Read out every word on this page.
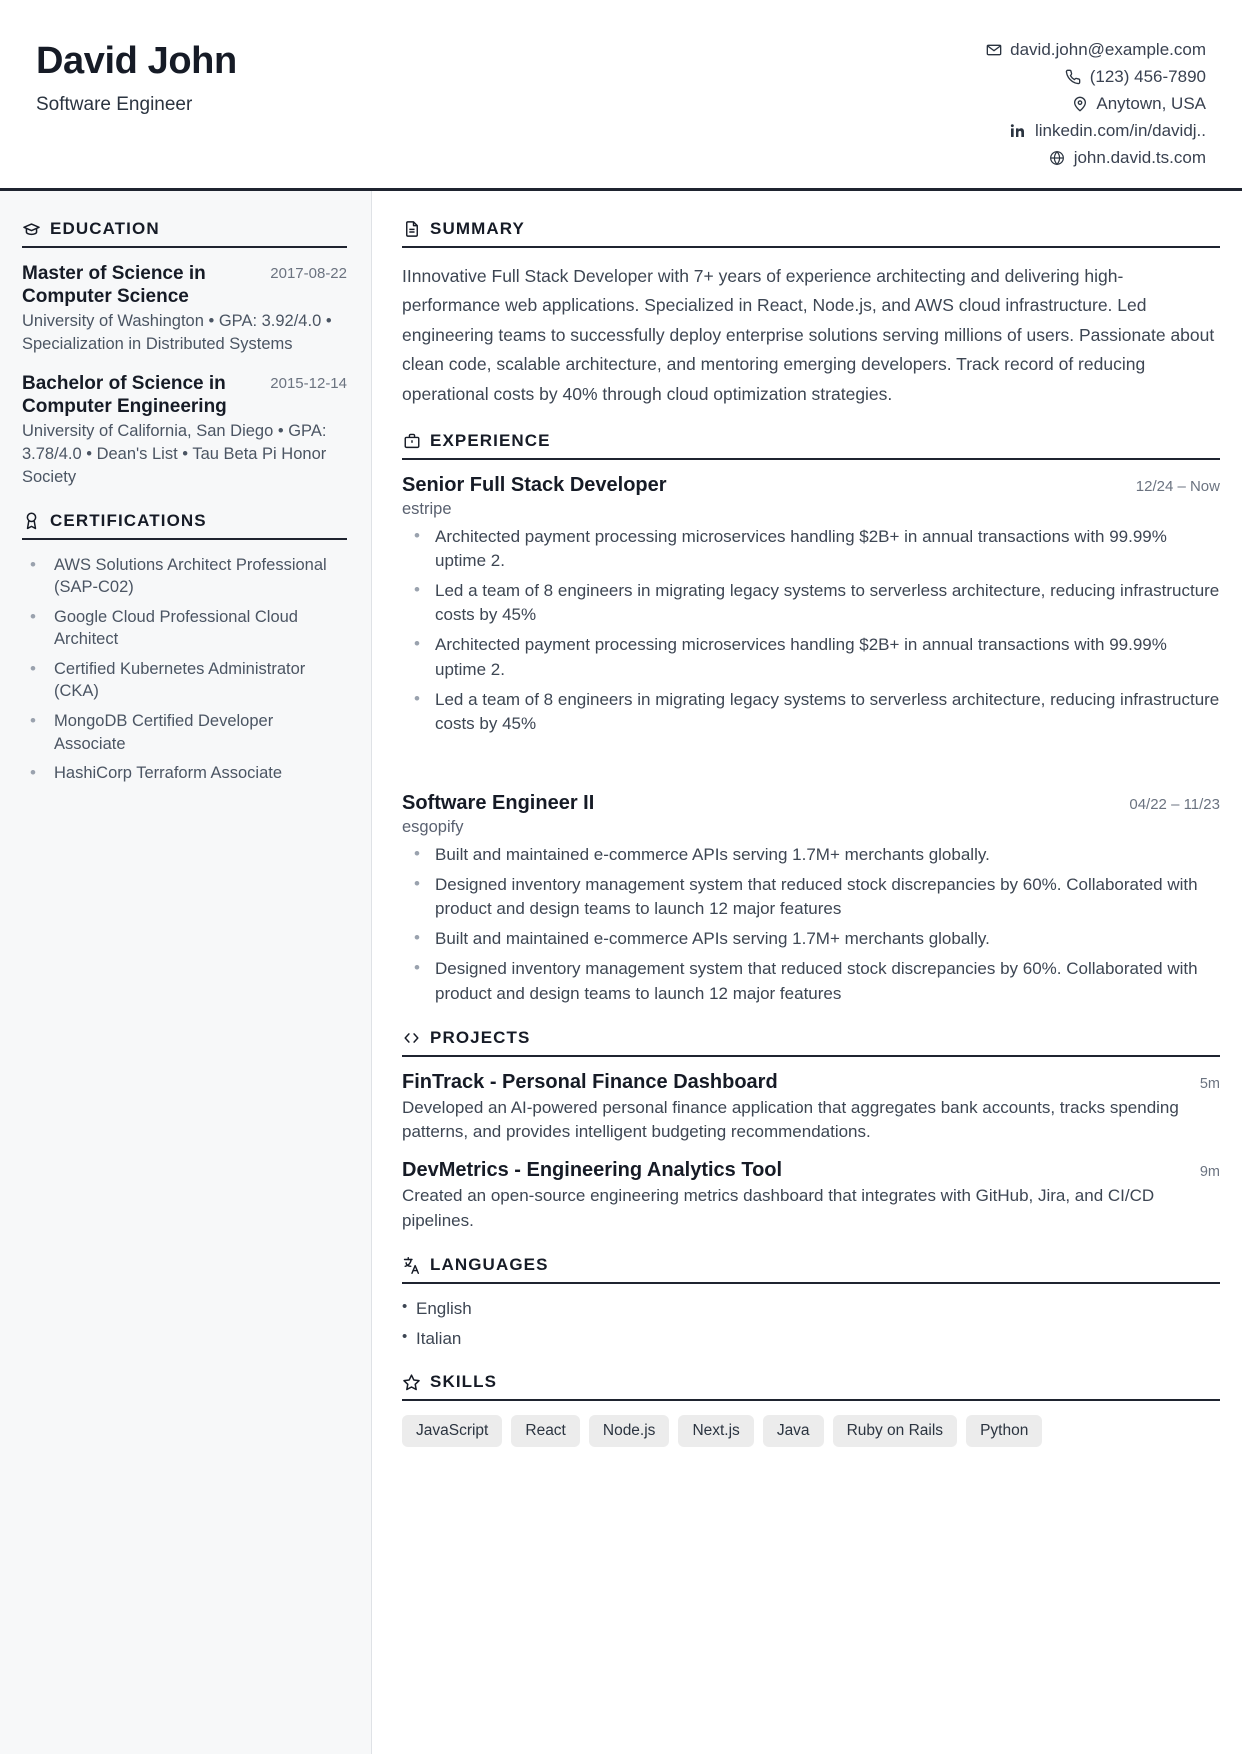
David John
Software Engineer
david.john@example.com
(123) 456-7890
Anytown, USA
linkedin.com/in/davidj..
john.david.ts.com
EDUCATION
Master of Science in Computer Science
2017-08-22
University of Washington • GPA: 3.92/4.0 • Specialization in Distributed Systems
Bachelor of Science in Computer Engineering
2015-12-14
University of California, San Diego • GPA: 3.78/4.0 • Dean's List • Tau Beta Pi Honor Society
CERTIFICATIONS
• AWS Solutions Architect Professional (SAP-C02)
• Google Cloud Professional Cloud Architect
• Certified Kubernetes Administrator (CKA)
• MongoDB Certified Developer Associate
• HashiCorp Terraform Associate
SUMMARY

IInnovative Full Stack Developer with 7+ years of experience architecting and delivering high-performance web applications. Specialized in React, Node.js, and AWS cloud infrastructure. Led engineering teams to successfully deploy enterprise solutions serving millions of users. Passionate about clean code, scalable architecture, and mentoring emerging developers. Track record of reducing operational costs by 40% through cloud optimization strategies.

EXPERIENCE
Senior Full Stack Developer	12/24 – Now
estripe
• Architected payment processing microservices handling $2B+ in annual transactions with 99.99% uptime 2.
• Led a team of 8 engineers in migrating legacy systems to serverless architecture, reducing infrastructure costs by 45%
• Architected payment processing microservices handling $2B+ in annual transactions with 99.99% uptime 2.
• Led a team of 8 engineers in migrating legacy systems to serverless architecture, reducing infrastructure costs by 45%
Software Engineer II	04/22 – 11/23
esgopify
• Built and maintained e-commerce APIs serving 1.7M+ merchants globally.
• Designed inventory management system that reduced stock discrepancies by 60%. Collaborated with product and design teams to launch 12 major features
• Built and maintained e-commerce APIs serving 1.7M+ merchants globally.
• Designed inventory management system that reduced stock discrepancies by 60%. Collaborated with product and design teams to launch 12 major features
PROJECTS
FinTrack - Personal Finance Dashboard	5m
Developed an AI-powered personal finance application that aggregates bank accounts, tracks spending patterns, and provides intelligent budgeting recommendations.
DevMetrics - Engineering Analytics Tool	9m
Created an open-source engineering metrics dashboard that integrates with GitHub, Jira, and CI/CD pipelines.
LANGUAGES
• English
• Italian
SKILLS
JavaScript	React	Node.js	Next.js	Java	Ruby on Rails	Python
